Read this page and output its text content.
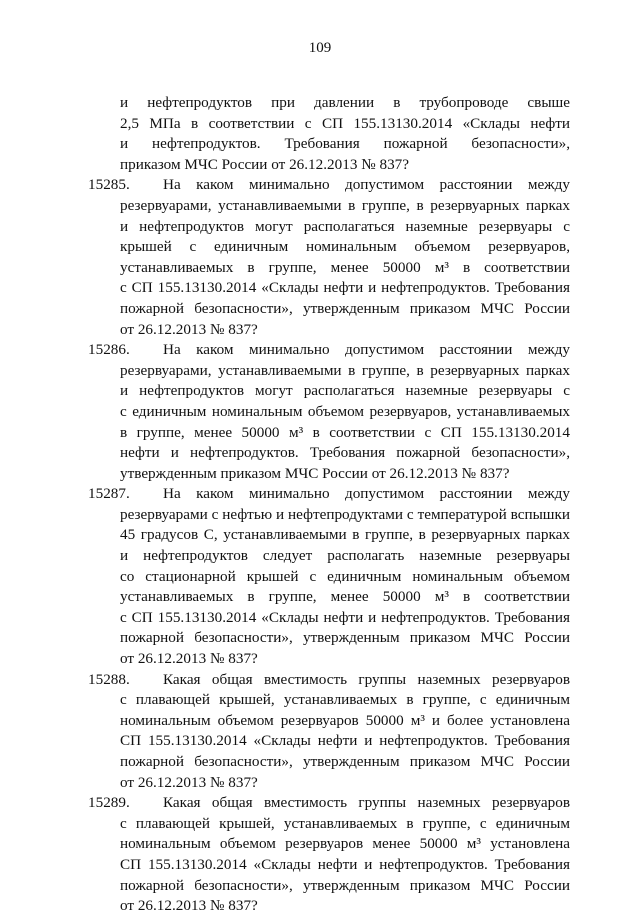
109
и нефтепродуктов при давлении в трубопроводе свыше
2,5 МПа в соответствии с СП 155.13130.2014 «Склады нефти
и нефтепродуктов. Требования пожарной безопасности»,
приказом МЧС России от 26.12.2013 № 837?
15285.	На каком минимально допустимом расстоянии между
резервуарами, устанавливаемыми в группе, в резервуарных парках
и нефтепродуктов могут располагаться наземные резервуары с
крышей с единичным номинальным объемом резервуаров,
устанавливаемых в группе, менее 50000 м³ в соответствии
с СП 155.13130.2014 «Склады нефти и нефтепродуктов. Требования
пожарной безопасности», утвержденным приказом МЧС России
от 26.12.2013 № 837?
15286.	На каком минимально допустимом расстоянии между
резервуарами, устанавливаемыми в группе, в резервуарных парках
и нефтепродуктов могут располагаться наземные резервуары с
с единичным номинальным объемом резервуаров, устанавливаемых
в группе, менее 50000 м³ в соответствии с СП 155.13130.2014
нефти и нефтепродуктов. Требования пожарной безопасности»,
утвержденным приказом МЧС России от 26.12.2013 № 837?
15287.	На каком минимально допустимом расстоянии между
резервуарами с нефтью и нефтепродуктами с температурой вспышки
45 градусов С, устанавливаемыми в группе, в резервуарных парках
и нефтепродуктов следует располагать наземные резервуары
со стационарной крышей с единичным номинальным объемом
устанавливаемых в группе, менее 50000 м³ в соответствии
с СП 155.13130.2014 «Склады нефти и нефтепродуктов. Требования
пожарной безопасности», утвержденным приказом МЧС России
от 26.12.2013 № 837?
15288.	Какая общая вместимость группы наземных резервуаров
с плавающей крышей, устанавливаемых в группе, с единичным
номинальным объемом резервуаров 50000 м³ и более установлена
СП 155.13130.2014 «Склады нефти и нефтепродуктов. Требования
пожарной безопасности», утвержденным приказом МЧС России
от 26.12.2013 № 837?
15289.	Какая общая вместимость группы наземных резервуаров
с плавающей крышей, устанавливаемых в группе, с единичным
номинальным объемом резервуаров менее 50000 м³ установлена
СП 155.13130.2014 «Склады нефти и нефтепродуктов. Требования
пожарной безопасности», утвержденным приказом МЧС России
от 26.12.2013 № 837?
